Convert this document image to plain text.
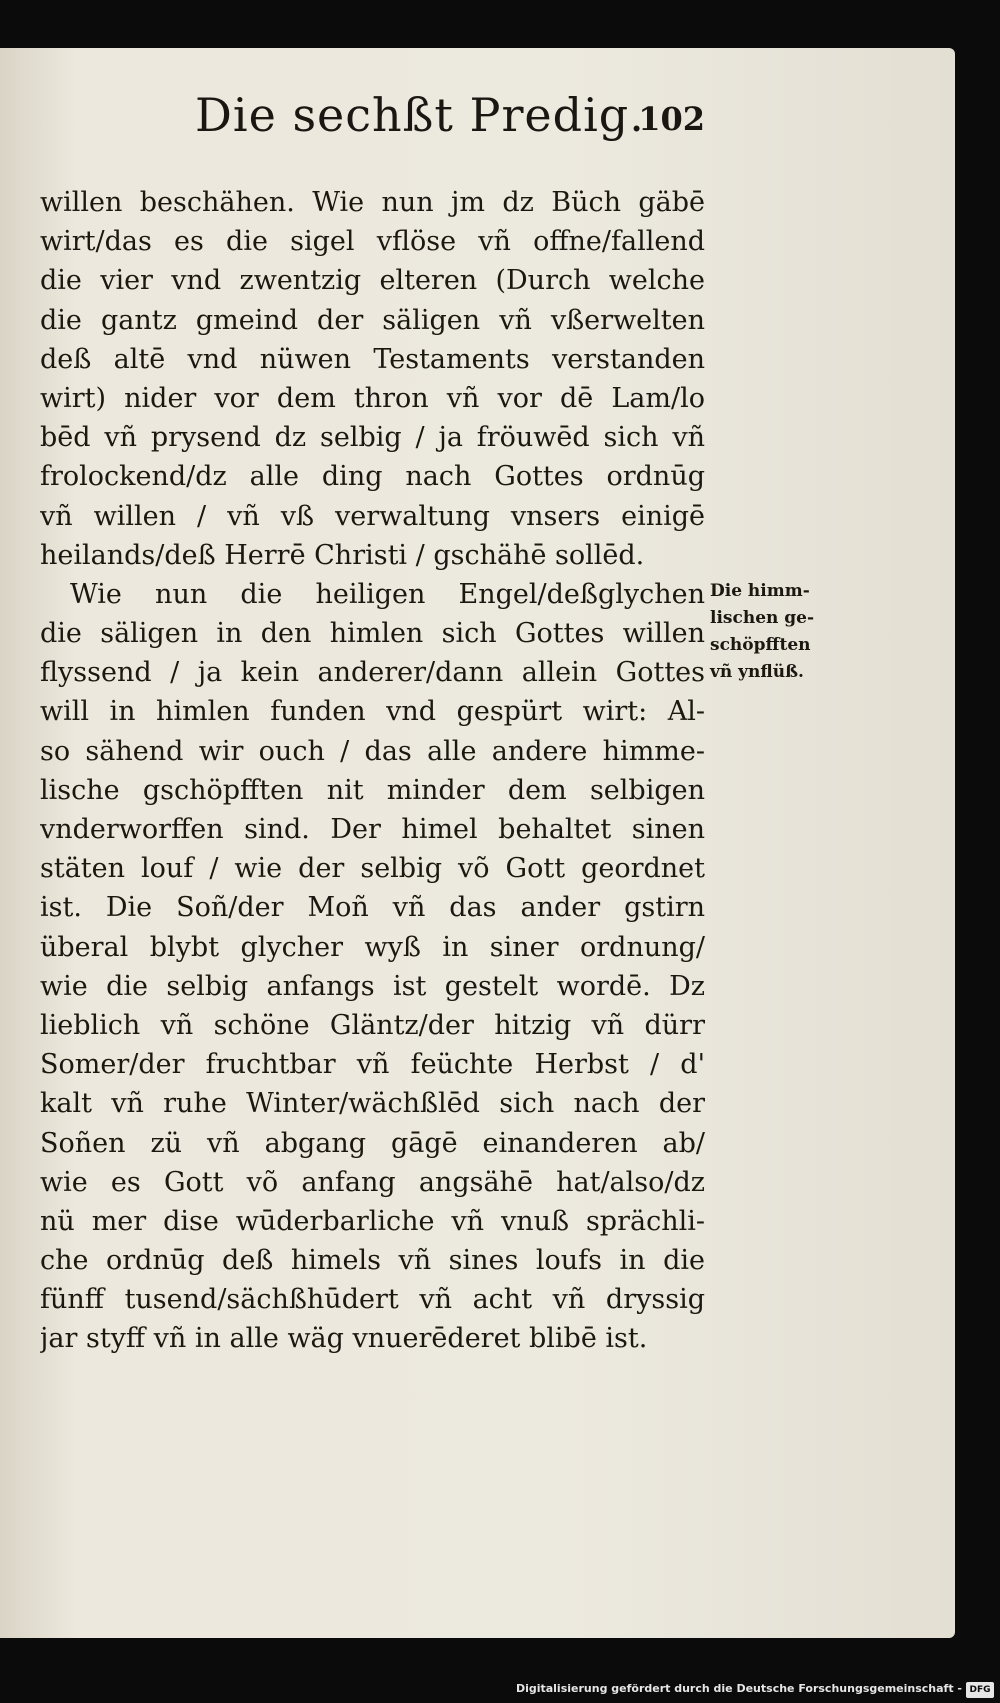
Die sechßt Predig.
102
willen beschähen. Wie nun jm dz Büch gäbē
wirt/das es die sigel vflöse vñ offne/fallend
die vier vnd zwentzig elteren (Durch welche
die gantz gmeind der säligen vñ vßerwelten
deß altē vnd nüwen Testaments verstanden
wirt) nider vor dem thron vñ vor dē Lam/lo
bēd vñ prysend dz selbig / ja fröuwēd sich vñ
frolockend/dz alle ding nach Gottes ordnūg
vñ willen / vñ vß verwaltung vnsers einigē
heilands/deß Herrē Christi / gschähē sollēd.
Wie nun die heiligen Engel/deßglychen
die säligen in den himlen sich Gottes willen
flyssend / ja kein anderer/dann allein Gottes
will in himlen funden vnd gespürt wirt: Al-
so sähend wir ouch / das alle andere himme-
lische gschöpfften nit minder dem selbigen
vnderworffen sind. Der himel behaltet sinen
stäten louf / wie der selbig võ Gott geordnet
ist. Die Soñ/der Moñ vñ das ander gstirn
überal blybt glycher wyß in siner ordnung/
wie die selbig anfangs ist gestelt wordē. Dz
lieblich vñ schöne Gläntz/der hitzig vñ dürr
Somer/der fruchtbar vñ feüchte Herbst / d'
kalt vñ ruhe Winter/wächßlēd sich nach der
Soñen zü vñ abgang gāgē einanderen ab/
wie es Gott võ anfang angsähē hat/also/dz
nü mer dise wūderbarliche vñ vnuß sprächli-
che ordnūg deß himels vñ sines loufs in die
fünff tusend/sächßhūdert vñ acht vñ dryssig
jar styff vñ in alle wäg vnuerēderet blibē ist.
Die himm-
lischen ge-
schöpfften
vñ ynflüß.
Digitalisierung gefördert durch die Deutsche Forschungsgemeinschaft - DFG
